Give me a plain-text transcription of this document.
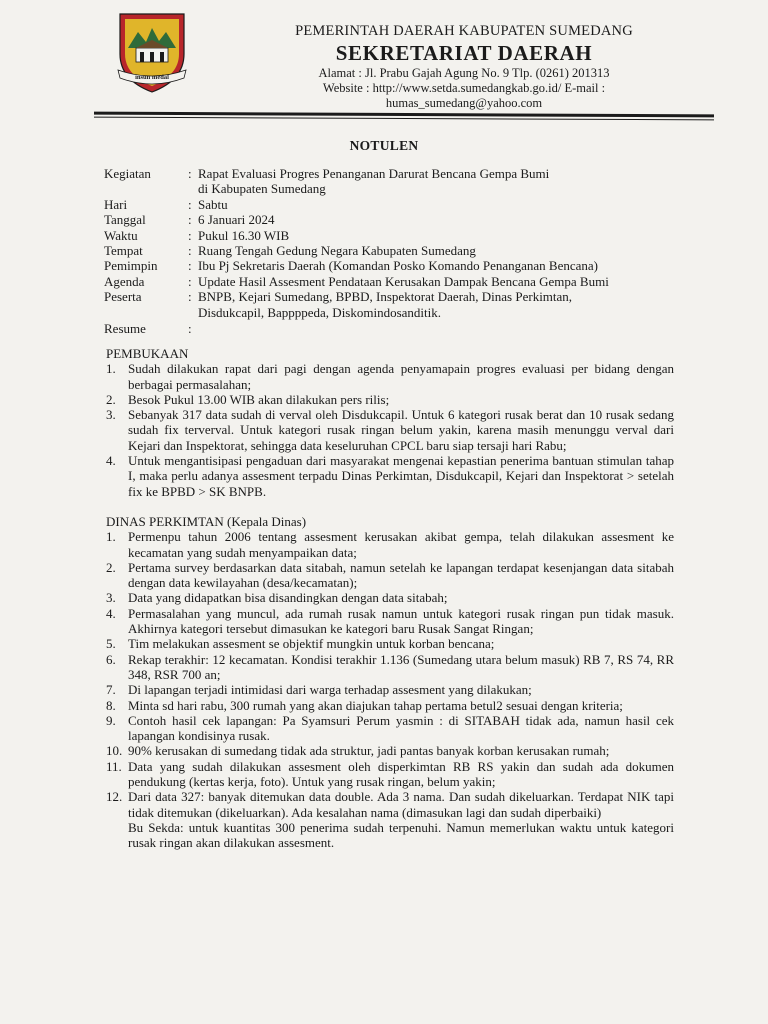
insun medal
PEMERINTAH DAERAH KABUPATEN SUMEDANG
SEKRETARIAT DAERAH
Alamat : Jl. Prabu Gajah Agung No. 9 Tlp. (0261) 201313
Website : http://www.setda.sumedangkab.go.id/ E-mail :
humas_sumedang@yahoo.com
NOTULEN
Kegiatan	: Rapat Evaluasi Progres Penanganan Darurat Bencana Gempa Bumi
di Kabupaten Sumedang
Hari	: Sabtu
Tanggal	: 6 Januari 2024
Waktu	: Pukul 16.30 WIB
Tempat	: Ruang Tengah Gedung Negara Kabupaten Sumedang
Pemimpin	: Ibu Pj Sekretaris Daerah (Komandan Posko Komando Penanganan Bencana)
Agenda	: Update Hasil Assesment Pendataan Kerusakan Dampak Bencana Gempa Bumi
Peserta	: BNPB, Kejari Sumedang, BPBD, Inspektorat Daerah, Dinas Perkimtan,
Disdukcapil, Bappppeda, Diskomindosanditik.
Resume	:
PEMBUKAAN
1. Sudah dilakukan rapat dari pagi dengan agenda penyamapain progres evaluasi per bidang dengan berbagai permasalahan;
2. Besok Pukul 13.00 WIB akan dilakukan pers rilis;
3. Sebanyak 317 data sudah di verval oleh Disdukcapil. Untuk 6 kategori rusak berat dan 10 rusak sedang sudah fix terverval. Untuk kategori rusak ringan belum yakin, karena masih menunggu verval dari Kejari dan Inspektorat, sehingga data keseluruhan CPCL baru siap tersaji hari Rabu;
4. Untuk mengantisipasi pengaduan dari masyarakat mengenai kepastian penerima bantuan stimulan tahap I, maka perlu adanya assesment terpadu Dinas Perkimtan, Disdukcapil, Kejari dan Inspektorat > setelah fix ke BPBD > SK BNPB.
DINAS PERKIMTAN (Kepala Dinas)
1. Permenpu tahun 2006 tentang assesment kerusakan akibat gempa, telah dilakukan assesment ke kecamatan yang sudah menyampaikan data;
2. Pertama survey berdasarkan data sitabah, namun setelah ke lapangan terdapat kesenjangan data sitabah dengan data kewilayahan (desa/kecamatan);
3. Data yang didapatkan bisa disandingkan dengan data sitabah;
4. Permasalahan yang muncul, ada rumah rusak namun untuk kategori rusak ringan pun tidak masuk. Akhirnya kategori tersebut dimasukan ke kategori baru Rusak Sangat Ringan;
5. Tim melakukan assesment se objektif mungkin untuk korban bencana;
6. Rekap terakhir: 12 kecamatan. Kondisi terakhir 1.136 (Sumedang utara belum masuk) RB 7, RS 74, RR 348, RSR 700 an;
7. Di lapangan terjadi intimidasi dari warga terhadap assesment yang dilakukan;
8. Minta sd hari rabu, 300 rumah yang akan diajukan tahap pertama betul2 sesuai dengan kriteria;
9. Contoh hasil cek lapangan: Pa Syamsuri Perum yasmin : di SITABAH tidak ada, namun hasil cek lapangan kondisinya rusak.
10. 90% kerusakan di sumedang tidak ada struktur, jadi pantas banyak korban kerusakan rumah;
11. Data yang sudah dilakukan assesment oleh disperkimtan RB RS yakin dan sudah ada dokumen pendukung (kertas kerja, foto). Untuk yang rusak ringan, belum yakin;
12. Dari data 327: banyak ditemukan data double. Ada 3 nama. Dan sudah dikeluarkan. Terdapat NIK tapi tidak ditemukan (dikeluarkan). Ada kesalahan nama (dimasukan lagi dan sudah diperbaiki)
Bu Sekda: untuk kuantitas 300 penerima sudah terpenuhi. Namun memerlukan waktu untuk kategori rusak ringan akan dilakukan assesment.
